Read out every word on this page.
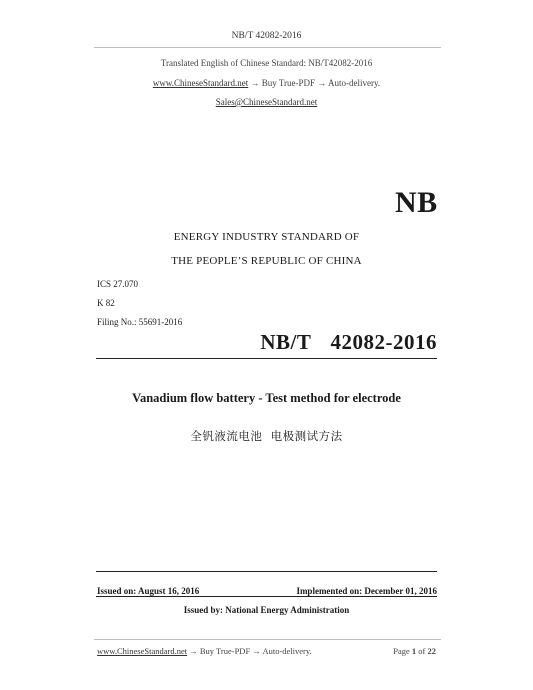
NB/T 42082-2016
Translated English of Chinese Standard: NB/T42082-2016
www.ChineseStandard.net → Buy True-PDF → Auto-delivery.
Sales@ChineseStandard.net
NB
ENERGY INDUSTRY STANDARD OF
THE PEOPLE’S REPUBLIC OF CHINA
ICS 27.070
K 82
Filing No.: 55691-2016
NB/T  42082-2016
Vanadium flow battery - Test method for electrode
全钒液流电池  电极测试方法
Issued on: August 16, 2016	Implemented on: December 01, 2016
Issued by: National Energy Administration
www.ChineseStandard.net → Buy True-PDF → Auto-delivery.	Page 1 of 22
